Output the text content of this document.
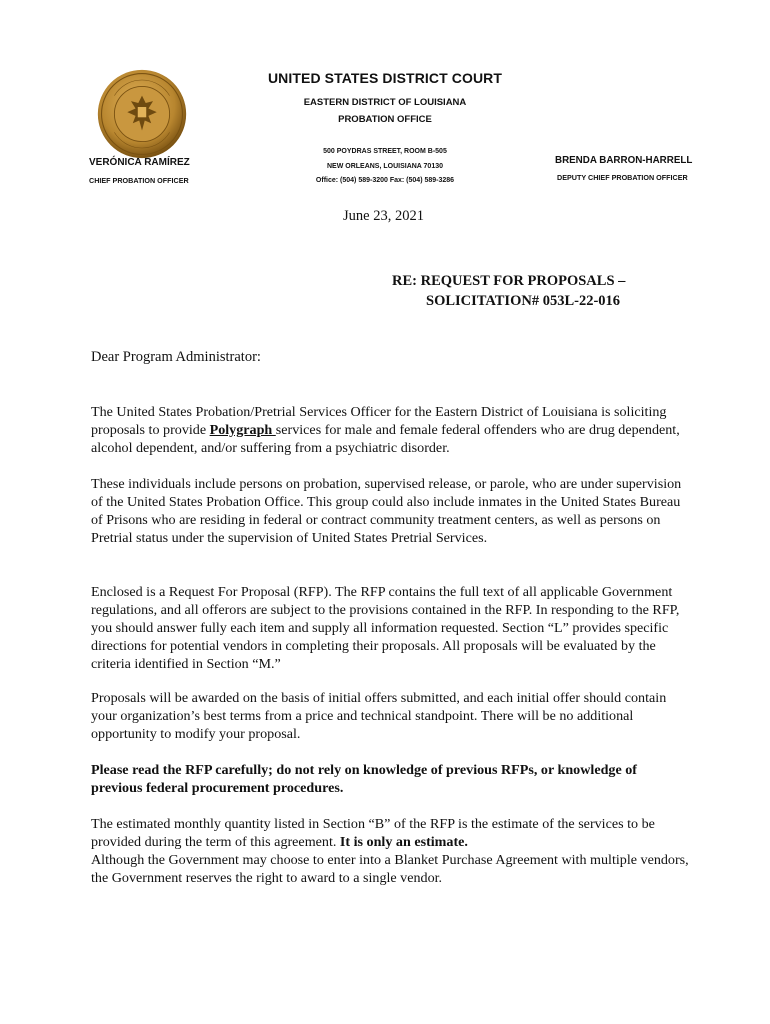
UNITED STATES DISTRICT COURT
EASTERN DISTRICT OF LOUISIANA
PROBATION OFFICE
500 POYDRAS STREET, ROOM B-505
NEW ORLEANS, LOUISIANA 70130
Office: (504) 589-3200 Fax: (504) 589-3286
VERÓNICA RAMÍREZ
CHIEF PROBATION OFFICER
BRENDA BARRON-HARRELL
DEPUTY CHIEF PROBATION OFFICER
June 23, 2021
RE: REQUEST FOR PROPOSALS –
SOLICITATION# 053L-22-016
Dear Program Administrator:
The United States Probation/Pretrial Services Officer for the Eastern District of Louisiana is soliciting proposals to provide Polygraph services for male and female federal offenders who are drug dependent, alcohol dependent, and/or suffering from a psychiatric disorder.
These individuals include persons on probation, supervised release, or parole, who are under supervision of the United States Probation Office. This group could also include inmates in the United States Bureau of Prisons who are residing in federal or contract community treatment centers, as well as persons on Pretrial status under the supervision of United States Pretrial Services.
Enclosed is a Request For Proposal (RFP). The RFP contains the full text of all applicable Government regulations, and all offerors are subject to the provisions contained in the RFP. In responding to the RFP, you should answer fully each item and supply all information requested. Section “L” provides specific directions for potential vendors in completing their proposals. All proposals will be evaluated by the criteria identified in Section “M.”
Proposals will be awarded on the basis of initial offers submitted, and each initial offer should contain your organization’s best terms from a price and technical standpoint. There will be no additional opportunity to modify your proposal.
Please read the RFP carefully; do not rely on knowledge of previous RFPs, or knowledge of previous federal procurement procedures.
The estimated monthly quantity listed in Section “B” of the RFP is the estimate of the services to be provided during the term of this agreement. It is only an estimate.
Although the Government may choose to enter into a Blanket Purchase Agreement with multiple vendors, the Government reserves the right to award to a single vendor.
